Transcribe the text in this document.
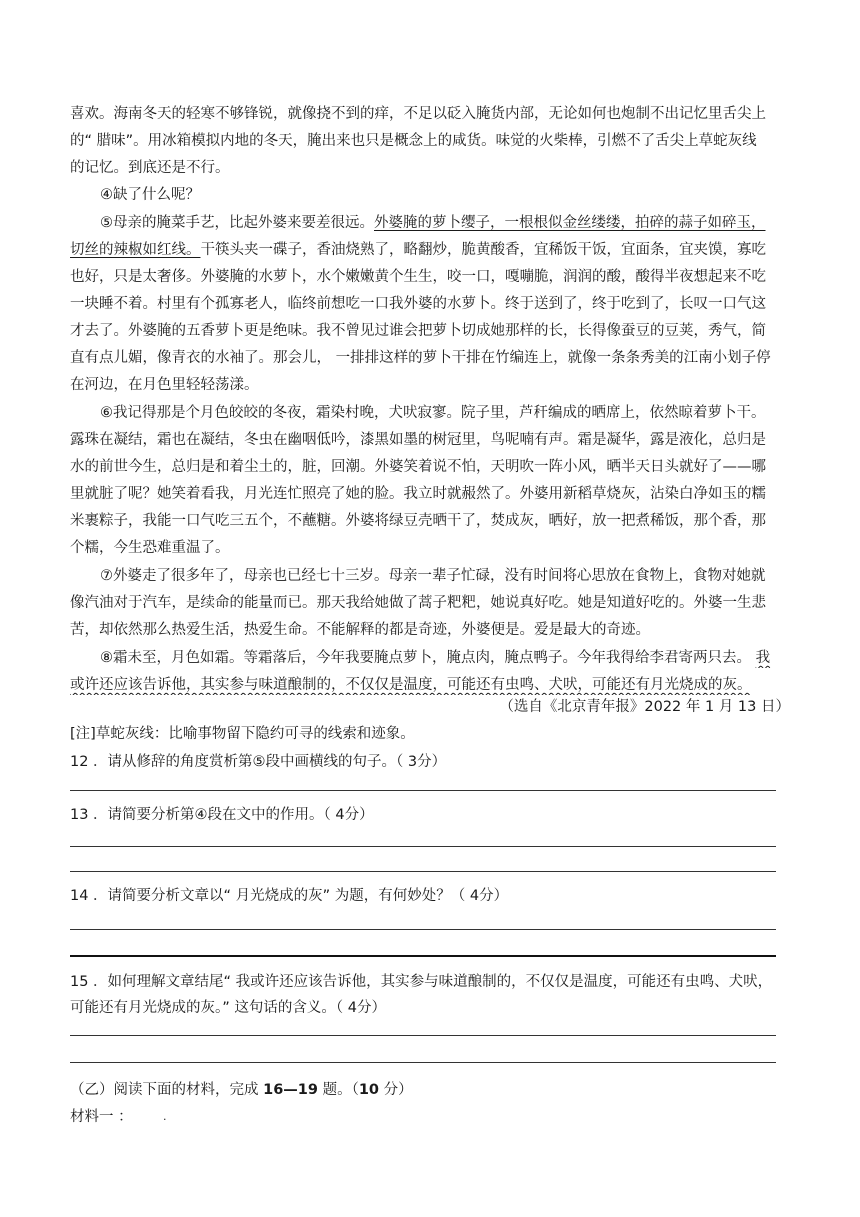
喜欢。海南冬天的轻寒不够锋锐，就像挠不到的痒，不足以砭入腌货内部，无论如何也炮制不出记忆里舌尖上
的“ 腊味”。用冰箱模拟内地的冬天，腌出来也只是概念上的咸货。味觉的火柴棒，引燃不了舌尖上草蛇灰线
的记忆。到底还是不行。
④缺了什么呢？
⑤母亲的腌菜手艺，比起外婆来要差很远。外婆腌的萝卜缨子，一根根似金丝缕缕，拍碎的蒜子如碎玉，
切丝的辣椒如红线。干筷头夹一碟子，香油烧熟了，略翻炒，脆黄酸香，宜稀饭干饭，宜面条，宜夹馍，寡吃
也好，只是太奢侈。外婆腌的水萝卜，水个嫩嫩黄个生生，咬一口，嘎嘣脆，润润的酸，酸得半夜想起来不吃
一块睡不着。村里有个孤寡老人，临终前想吃一口我外婆的水萝卜。终于送到了，终于吃到了，长叹一口气这
才去了。外婆腌的五香萝卜更是绝味。我不曾见过谁会把萝卜切成她那样的长，长得像蚕豆的豆荚，秀气，简
直有点儿媚，像青衣的水袖了。那会儿， 一排排这样的萝卜干排在竹编连上，就像一条条秀美的江南小划子停
在河边，在月色里轻轻荡漾。
⑥我记得那是个月色皎皎的冬夜，霜染村晚，犬吠寂寥。院子里，芦秆编成的晒席上，依然晾着萝卜干。
露珠在凝结，霜也在凝结，冬虫在幽咽低吟，漆黑如墨的树冠里，鸟呢喃有声。霜是凝华，露是液化，总归是
水的前世今生，总归是和着尘土的，脏，回潮。外婆笑着说不怕，天明吹一阵小风，晒半天日头就好了——哪
里就脏了呢？她笑着看我，月光连忙照亮了她的脸。我立时就赧然了。外婆用新稻草烧灰，沾染白净如玉的糯
米裹粽子，我能一口气吃三五个，不蘸糖。外婆将绿豆壳晒干了，焚成灰，晒好，放一把煮稀饭，那个香，那
个糯，今生恐难重温了。
⑦外婆走了很多年了，母亲也已经七十三岁。母亲一辈子忙碌，没有时间将心思放在食物上，食物对她就
像汽油对于汽车，是续命的能量而已。那天我给她做了蒿子粑粑，她说真好吃。她是知道好吃的。外婆一生悲
苦，却依然那么热爱生活，热爱生命。不能解释的都是奇迹，外婆便是。爱是最大的奇迹。
⑧霜未至，月色如霜。等霜落后，今年我要腌点萝卜，腌点肉，腌点鸭子。今年我得给李君寄两只去。 我
或许还应该告诉他，其实参与味道酿制的，不仅仅是温度，可能还有虫鸣、犬吠，可能还有月光烧成的灰。
（选自《北京青年报》2022 年 1 月 13 日）
[注]草蛇灰线：比喻事物留下隐约可寻的线索和迹象。
12 ．请从修辞的角度赏析第⑤段中画横线的句子。（ 3分）
13 ．请简要分析第④段在文中的作用。（ 4分）
14 ．请简要分析文章以“ 月光烧成的灰” 为题，有何妙处？（ 4分）
15 ．如何理解文章结尾“ 我或许还应该告诉他，其实参与味道酿制的，不仅仅是温度，可能还有虫鸣、犬吠，
可能还有月光烧成的灰。” 这句话的含义。（ 4分）
（乙）阅读下面的材料，完成 16—19 题。（10 分）
材料一 ：	·
